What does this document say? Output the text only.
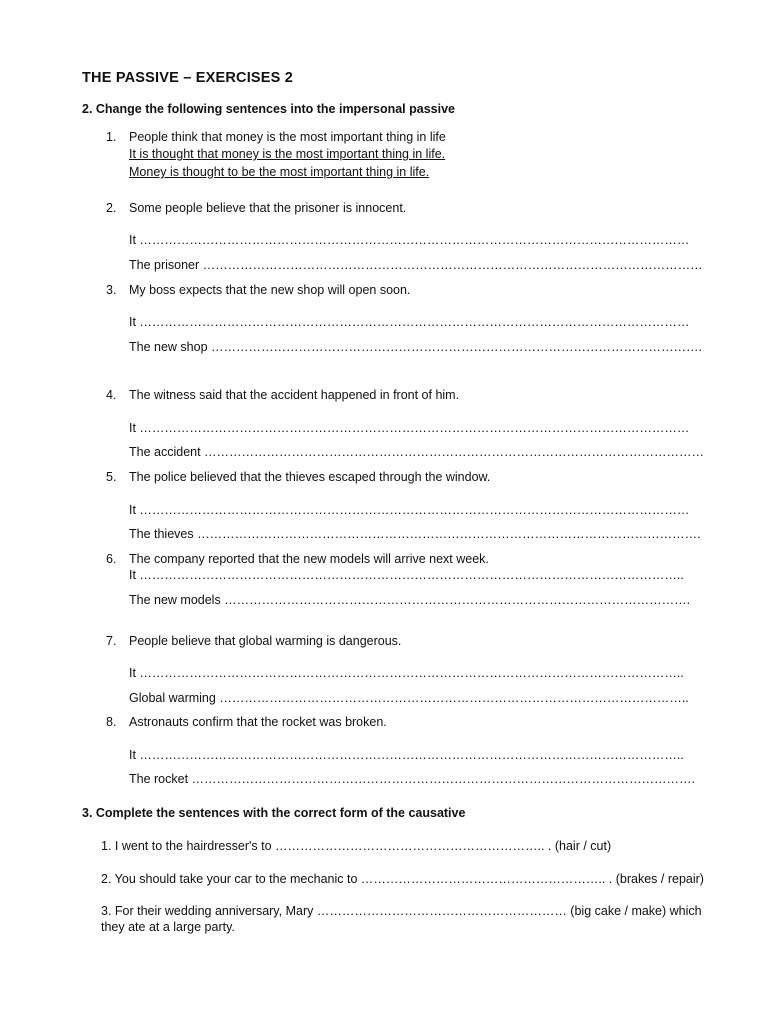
THE PASSIVE – EXERCISES 2
2. Change the following sentences into the impersonal passive
1. People think that money is the most important thing in life
It is thought that money is the most important thing in life.
Money is thought to be the most important thing in life.
2. Some people believe that the prisoner is innocent.
It ……………………………………………………………………………………………………………………
The prisoner …………………………………………………………………………………………………………
3. My boss expects that the new shop will open soon.
It ……………………………………………………………………………………………………………………
The new shop ……………………………………………………………………………………………………….
4. The witness said that the accident happened in front of him.
It ……………………………………………………………………………………………………………………
The accident …………………………………………………………………………………………………………
5. The police believed that the thieves escaped through the window.
It ……………………………………………………………………………………………………………………
The thieves ………………………………………………………………………………………………………….
6. The company reported that the new models will arrive next week.
It …………………………………………………………………………………………………………………..
The new models ………………………………………………………………………………………………….
7. People believe that global warming is dangerous.
It …………………………………………………………………………………………………………………..
Global warming …………………………………………………………………………………………………..
8. Astronauts confirm that the rocket was broken.
It …………………………………………………………………………………………………………………..
The rocket ………………………………………………………………………………………………………….
3. Complete the sentences with the correct form of the causative
1. I went to the hairdresser's to ……………………………………………………….. . (hair / cut)
2. You should take your car to the mechanic to ………………………………………………….. . (brakes / repair)
3. For their wedding anniversary, Mary …………………………………………………… (big cake / make) which
they ate at a large party.
